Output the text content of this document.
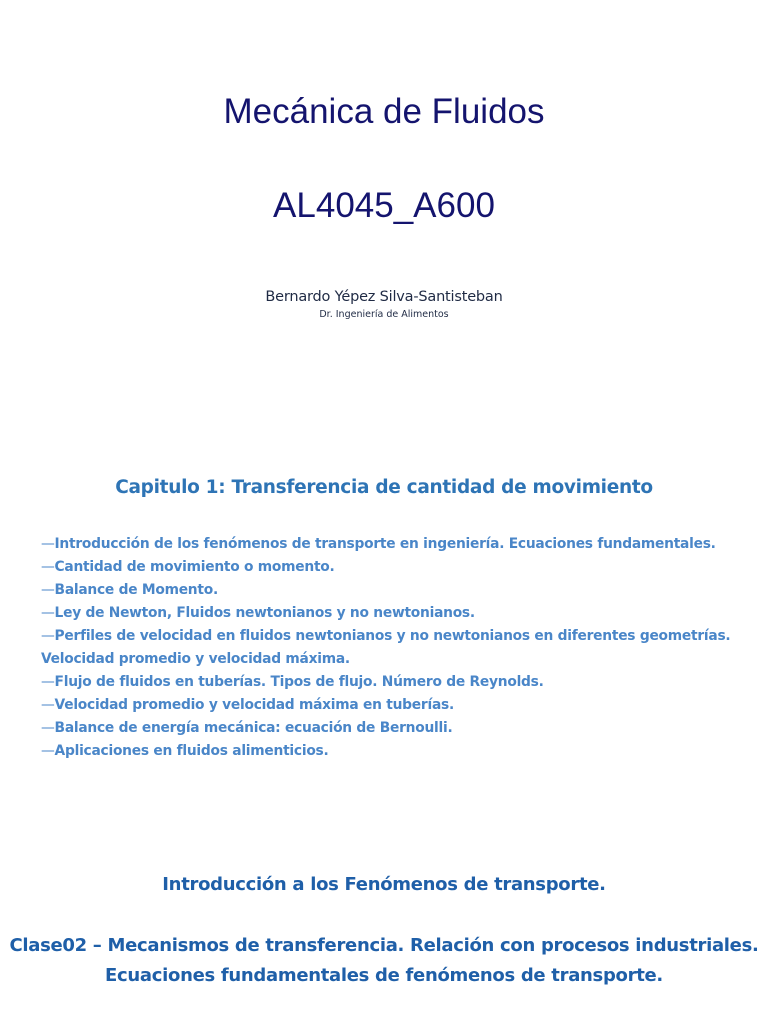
Mecánica de Fluidos
AL4045_A600
Bernardo Yépez Silva-Santisteban
Dr. Ingeniería de Alimentos
Capitulo 1: Transferencia de cantidad de movimiento
—Introducción de los fenómenos de transporte en ingeniería. Ecuaciones fundamentales.
—Cantidad de movimiento o momento.
—Balance de Momento.
—Ley de Newton, Fluidos newtonianos y no newtonianos.
—Perfiles de velocidad en fluidos newtonianos y no newtonianos en diferentes geometrías. Velocidad promedio y velocidad máxima.
—Flujo de fluidos en tuberías. Tipos de flujo. Número de Reynolds.
—Velocidad promedio y velocidad máxima en tuberías.
—Balance de energía mecánica: ecuación de Bernoulli.
—Aplicaciones en fluidos alimenticios.
Introducción a los Fenómenos de transporte.
Clase02 – Mecanismos de transferencia. Relación con procesos industriales. Ecuaciones fundamentales de fenómenos de transporte.
